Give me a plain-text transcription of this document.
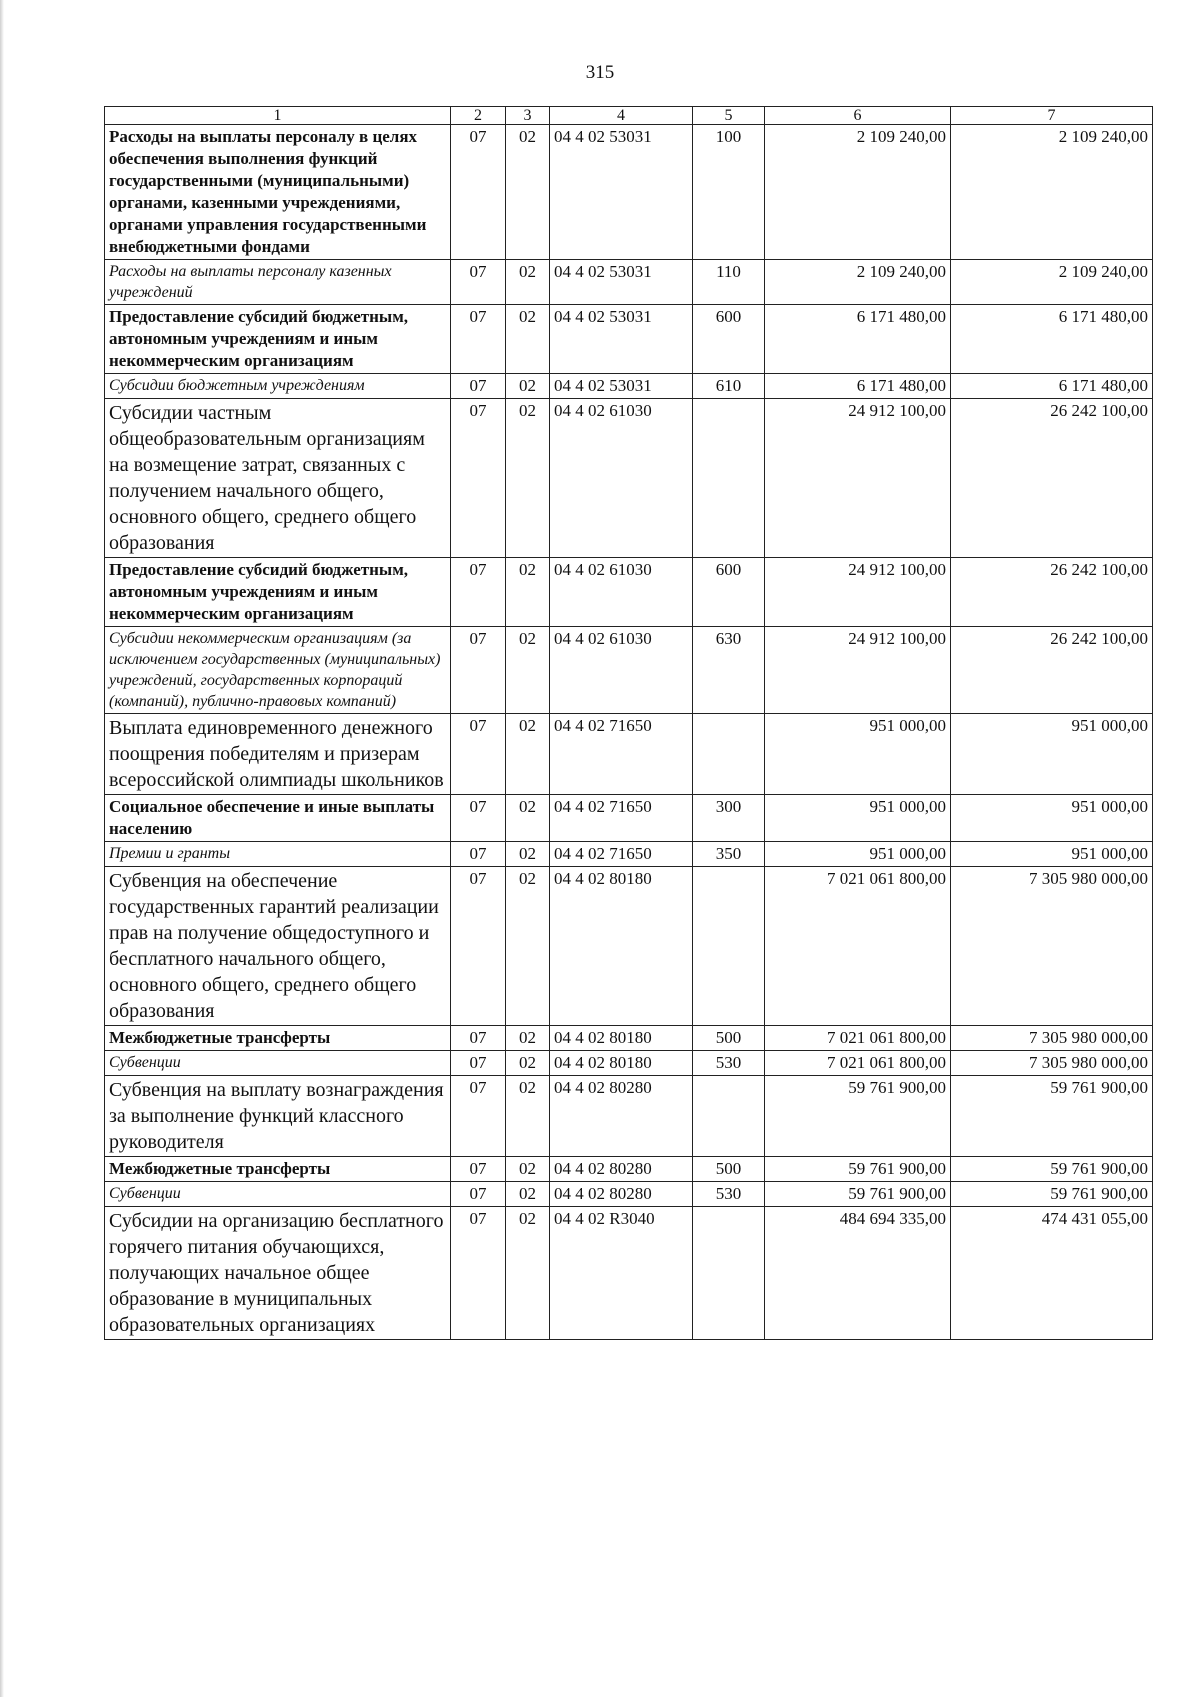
315
1	2	3	4	5	6	7
Расходы на выплаты персоналу в целях обеспечения выполнения функций государственными (муниципальными) органами, казенными учреждениями, органами управления государственными внебюджетными фондами	07	02	04 4 02 53031	100	2 109 240,00	2 109 240,00
Расходы на выплаты персоналу казенных учреждений	07	02	04 4 02 53031	110	2 109 240,00	2 109 240,00
Предоставление субсидий бюджетным, автономным учреждениям и иным некоммерческим организациям	07	02	04 4 02 53031	600	6 171 480,00	6 171 480,00
Субсидии бюджетным учреждениям	07	02	04 4 02 53031	610	6 171 480,00	6 171 480,00
Субсидии частным общеобразовательным организациям на возмещение затрат, связанных с получением начального общего, основного общего, среднего общего образования	07	02	04 4 02 61030		24 912 100,00	26 242 100,00
Предоставление субсидий бюджетным, автономным учреждениям и иным некоммерческим организациям	07	02	04 4 02 61030	600	24 912 100,00	26 242 100,00
Субсидии некоммерческим организациям (за исключением государственных (муниципальных) учреждений, государственных корпораций (компаний), публично-правовых компаний)	07	02	04 4 02 61030	630	24 912 100,00	26 242 100,00
Выплата единовременного денежного поощрения победителям и призерам всероссийской олимпиады школьников	07	02	04 4 02 71650		951 000,00	951 000,00
Социальное обеспечение и иные выплаты населению	07	02	04 4 02 71650	300	951 000,00	951 000,00
Премии и гранты	07	02	04 4 02 71650	350	951 000,00	951 000,00
Субвенция на обеспечение государственных гарантий реализации прав на получение общедоступного и бесплатного начального общего, основного общего, среднего общего образования	07	02	04 4 02 80180		7 021 061 800,00	7 305 980 000,00
Межбюджетные трансферты	07	02	04 4 02 80180	500	7 021 061 800,00	7 305 980 000,00
Субвенции	07	02	04 4 02 80180	530	7 021 061 800,00	7 305 980 000,00
Субвенция на выплату вознаграждения за выполнение функций классного руководителя	07	02	04 4 02 80280		59 761 900,00	59 761 900,00
Межбюджетные трансферты	07	02	04 4 02 80280	500	59 761 900,00	59 761 900,00
Субвенции	07	02	04 4 02 80280	530	59 761 900,00	59 761 900,00
Субсидии на организацию бесплатного горячего питания обучающихся, получающих начальное общее образование в муниципальных образовательных организациях	07	02	04 4 02 R3040		484 694 335,00	474 431 055,00
